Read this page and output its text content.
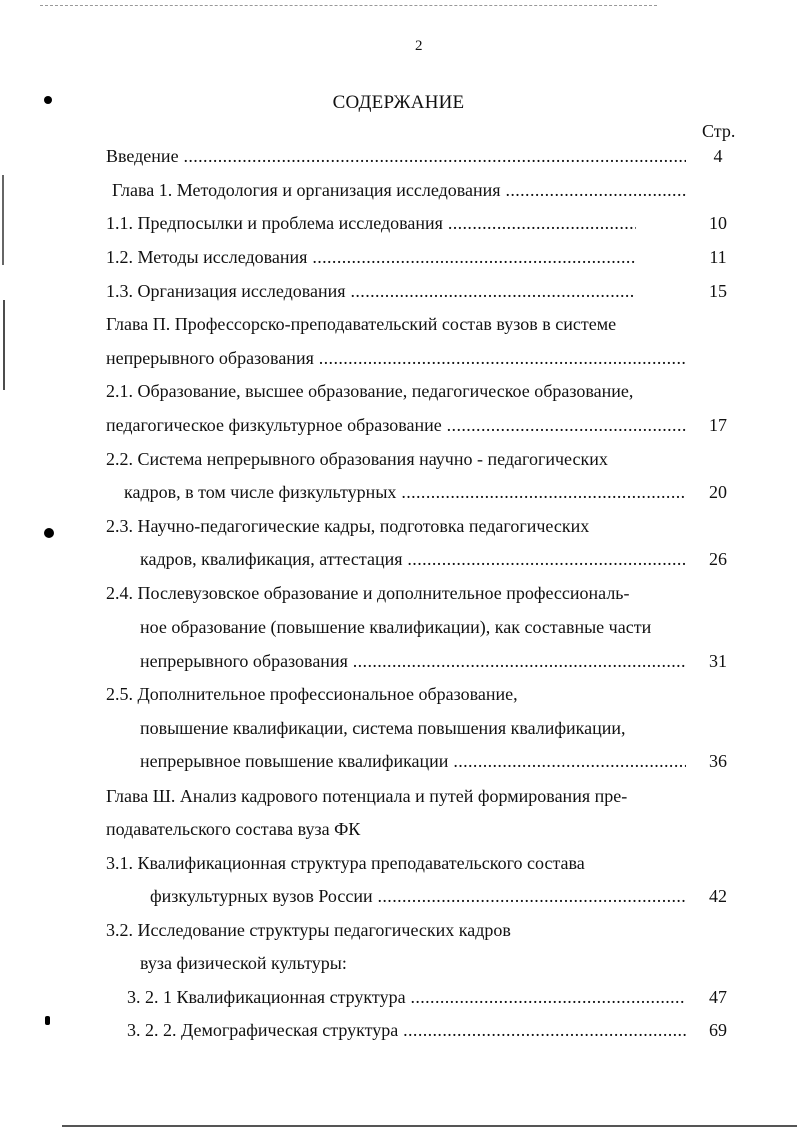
2
СОДЕРЖАНИЕ
Стр.
Введение .....	4
Глава 1. Методология и организация исследования .....
1.1. Предпосылки и проблема исследования .....	10
1.2. Методы исследования .....	11
1.3. Организация исследования .....	15
Глава П. Профессорско-преподавательский состав вузов в системе
непрерывного образования .....
2.1. Образование, высшее образование, педагогическое образование,
педагогическое физкультурное образование .....	17
2.2. Система непрерывного образования научно - педагогических
кадров, в том числе физкультурных .....	20
2.3. Научно-педагогические кадры, подготовка педагогических
кадров, квалификация, аттестация .....	26
2.4. Послевузовское образование и дополнительное профессиональ-
ное образование (повышение квалификации), как составные части
непрерывного образования .....	31
2.5. Дополнительное профессиональное образование,
повышение квалификации, система повышения квалификации,
непрерывное повышение квалификации .....	36
Глава Ш. Анализ кадрового потенциала и путей формирования пре-
подавательского состава вуза ФК
3.1. Квалификационная структура преподавательского состава
физкультурных вузов России .....	42
3.2. Исследование структуры педагогических кадров
вуза физической культуры:
3. 2. 1 Квалификационная структура .....	47
3. 2. 2. Демографическая структура .....	69
